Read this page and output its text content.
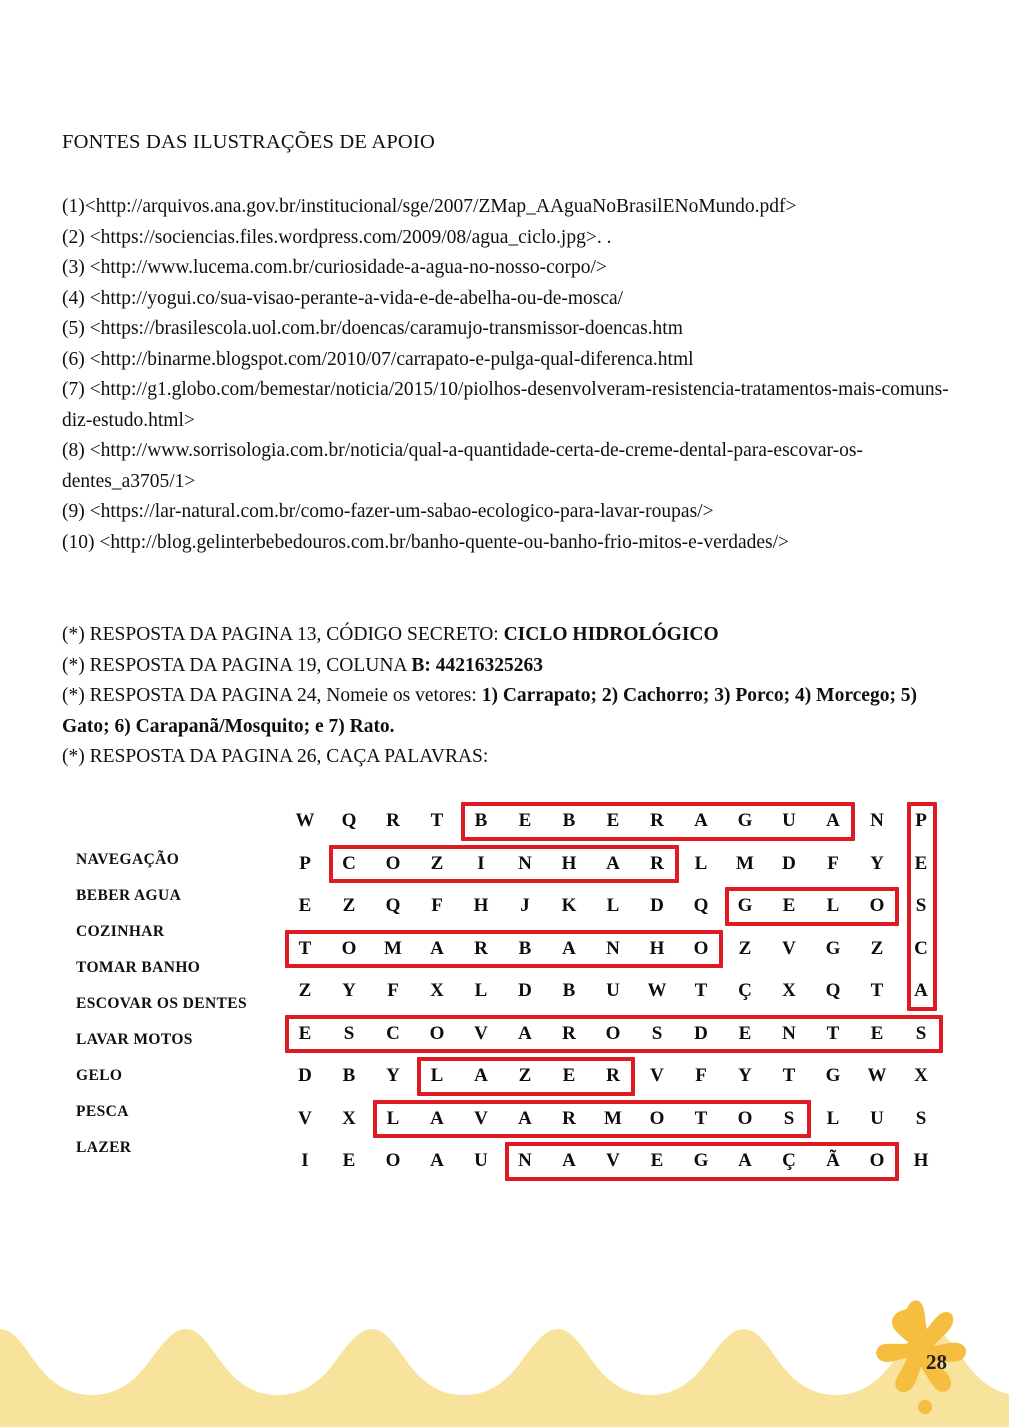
FONTES DAS ILUSTRAÇÕES DE APOIO
(1)<http://arquivos.ana.gov.br/institucional/sge/2007/ZMap_AAguaNoBrasilENoMundo.pdf>
(2) <https://sociencias.files.wordpress.com/2009/08/agua_ciclo.jpg>. .
(3) <http://www.lucema.com.br/curiosidade-a-agua-no-nosso-corpo/>
(4) <http://yogui.co/sua-visao-perante-a-vida-e-de-abelha-ou-de-mosca/
(5) <https://brasilescola.uol.com.br/doencas/caramujo-transmissor-doencas.htm
(6) <http://binarme.blogspot.com/2010/07/carrapato-e-pulga-qual-diferenca.html
(7) <http://g1.globo.com/bemestar/noticia/2015/10/piolhos-desenvolveram-resistencia-tratamentos-mais-comuns-diz-estudo.html>
(8) <http://www.sorrisologia.com.br/noticia/qual-a-quantidade-certa-de-creme-dental-para-escovar-os-dentes_a3705/1>
(9) <https://lar-natural.com.br/como-fazer-um-sabao-ecologico-para-lavar-roupas/>
(10) <http://blog.gelinterbebedouros.com.br/banho-quente-ou-banho-frio-mitos-e-verdades/>
(*) RESPOSTA DA PAGINA 13, CÓDIGO SECRETO: CICLO HIDROLÓGICO
(*) RESPOSTA DA PAGINA 19, COLUNA B: 44216325263
(*) RESPOSTA DA PAGINA 24, Nomeie os vetores: 1) Carrapato; 2) Cachorro; 3) Porco; 4) Morcego; 5) Gato; 6) Carapanã/Mosquito; e 7) Rato.
(*) RESPOSTA DA PAGINA 26, CAÇA PALAVRAS:
NAVEGAÇÃO
BEBER AGUA
COZINHAR
TOMAR BANHO
ESCOVAR OS DENTES
LAVAR MOTOS
GELO
PESCA
LAZER
W	Q	R	T	B	E	B	E	R	A	G	U	A	N	P
P	C	O	Z	I	N	H	A	R	L	M	D	F	Y	E
E	Z	Q	F	H	J	K	L	D	Q	G	E	L	O	S
T	O	M	A	R	B	A	N	H	O	Z	V	G	Z	C
Z	Y	F	X	L	D	B	U	W	T	Ç	X	Q	T	A
E	S	C	O	V	A	R	O	S	D	E	N	T	E	S
D	B	Y	L	A	Z	E	R	V	F	Y	T	G	W	X
V	X	L	A	V	A	R	M	O	T	O	S	L	U	S
I	E	O	A	U	N	A	V	E	G	A	Ç	Ã	O	H
28
